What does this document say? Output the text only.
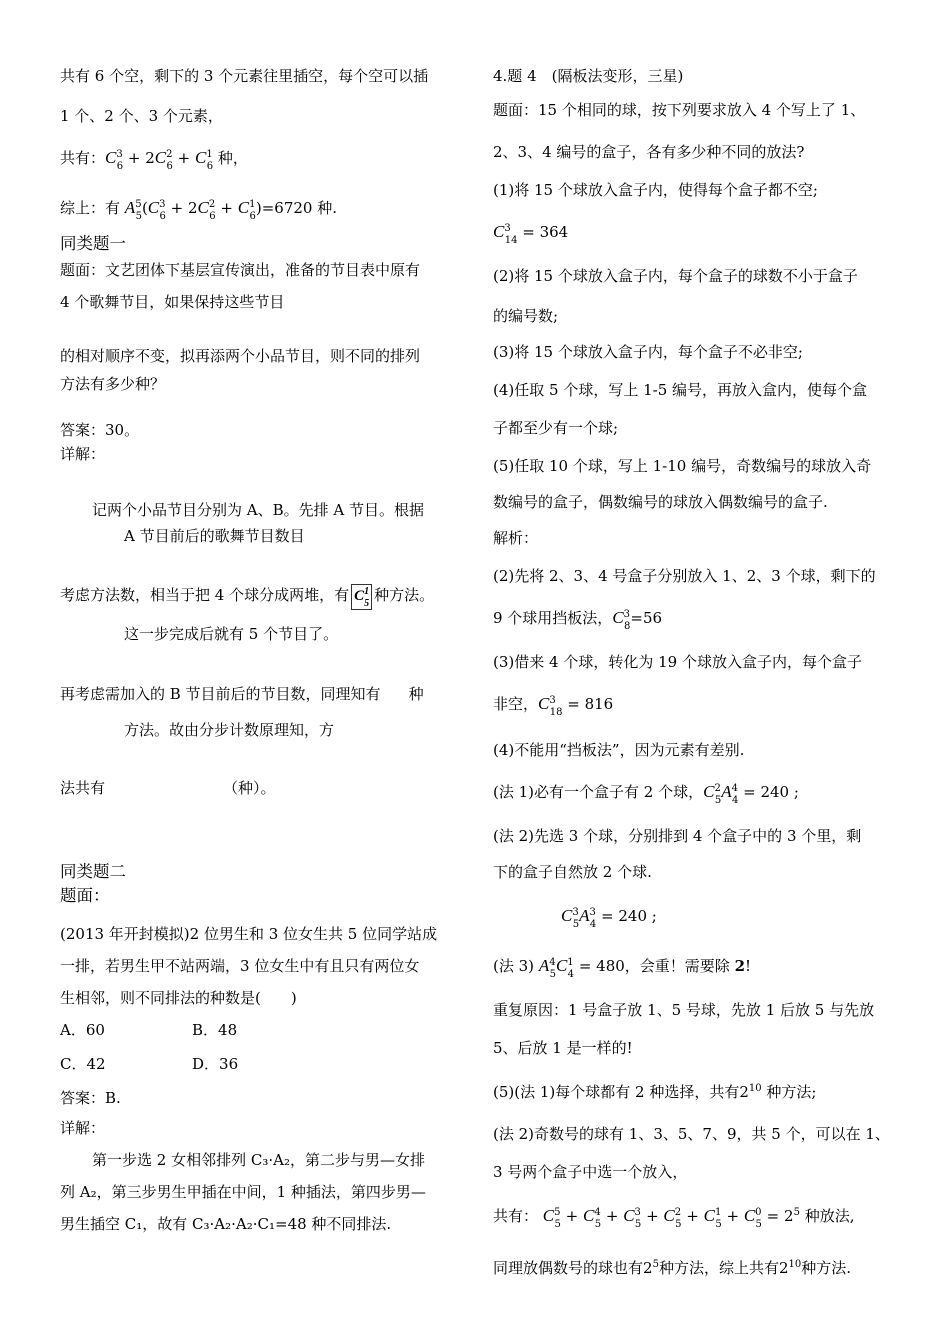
共有 6 个空，剩下的 3 个元素往里插空，每个空可以插
1 个、2 个、3 个元素，
共有：$C^3_6 + 2C^2_6 + C^1_6$ 种，
综上：有 $A^5_5(C^3_6 + 2C^2_6 + C^1_6)=6720$ 种.
同类题一
题面：文艺团体下基层宣传演出，准备的节目表中原有
4 个歌舞节目，如果保持这些节目
的相对顺序不变，拟再添两个小品节目，则不同的排列
方法有多少种？
答案：30。
详解：
记两个小品节目分别为 A、B。先排 A 节目。根据
A 节目前后的歌舞节目数目
考虑方法数，相当于把 4 个球分成两堆，有 $C^1_5$ 种方法。
这一步完成后就有 5 个节目了。
再考虑需加入的 B 节目前后的节目数，同理知有 种
方法。故由分步计数原理知，方
法共有	（种）。
同类题二
题面：
(2013 年开封模拟)2 位男生和 3 位女生共 5 位同学站成
一排，若男生甲不站两端，3 位女生中有且只有两位女
生相邻，则不同排法的种数是(　　)
A．60	B．48
C．42	D．36
答案：B.
详解：
第一步选 2 女相邻排列 C₃·A₂，第二步与男—女排
列 A₂，第三步男生甲插在中间，1 种插法，第四步男—
男生插空 C₁，故有 C₃·A₂·A₂·C₁=48 种不同排法.
4.题 4　(隔板法变形，三星)
题面：15 个相同的球，按下列要求放入 4 个写上了 1、
2、3、4 编号的盒子，各有多少种不同的放法?
(1)将 15 个球放入盒子内，使得每个盒子都不空;
$C^3_{14} = 364$
(2)将 15 个球放入盒子内，每个盒子的球数不小于盒子
的编号数;
(3)将 15 个球放入盒子内，每个盒子不必非空;
(4)任取 5 个球，写上 1-5 编号，再放入盒内，使每个盒
子都至少有一个球;
(5)任取 10 个球，写上 1-10 编号，奇数编号的球放入奇
数编号的盒子，偶数编号的球放入偶数编号的盒子.
解析：
(2)先将 2、3、4 号盒子分别放入 1、2、3 个球，剩下的
9 个球用挡板法，$C^3_8=56$
(3)借来 4 个球，转化为 19 个球放入盒子内，每个盒子
非空，$C^3_{18} = 816$
(4)不能用“挡板法”，因为元素有差别.
(法 1)必有一个盒子有 2 个球，$C^2_5A^4_4 = 240$ ;
(法 2)先选 3 个球，分别排到 4 个盒子中的 3 个里，剩
下的盒子自然放 2 个球.
$C^3_5A^3_4 = 240$ ;
(法 3) $A^4_5C^1_4 = 480$，会重！需要除 2!
重复原因：1 号盒子放 1、5 号球，先放 1 后放 5 与先放
5、后放 1 是一样的!
(5)(法 1)每个球都有 2 种选择，共有$2^{10}$ 种方法;
(法 2)奇数号的球有 1、3、5、7、9，共 5 个，可以在 1、
3 号两个盒子中选一个放入，
共有： $C^5_5 + C^4_5 + C^3_5 + C^2_5 + C^1_5 + C^0_5 = 2^5$ 种放法,
同理放偶数号的球也有$2^5$种方法，综上共有$2^{10}$种方法.
